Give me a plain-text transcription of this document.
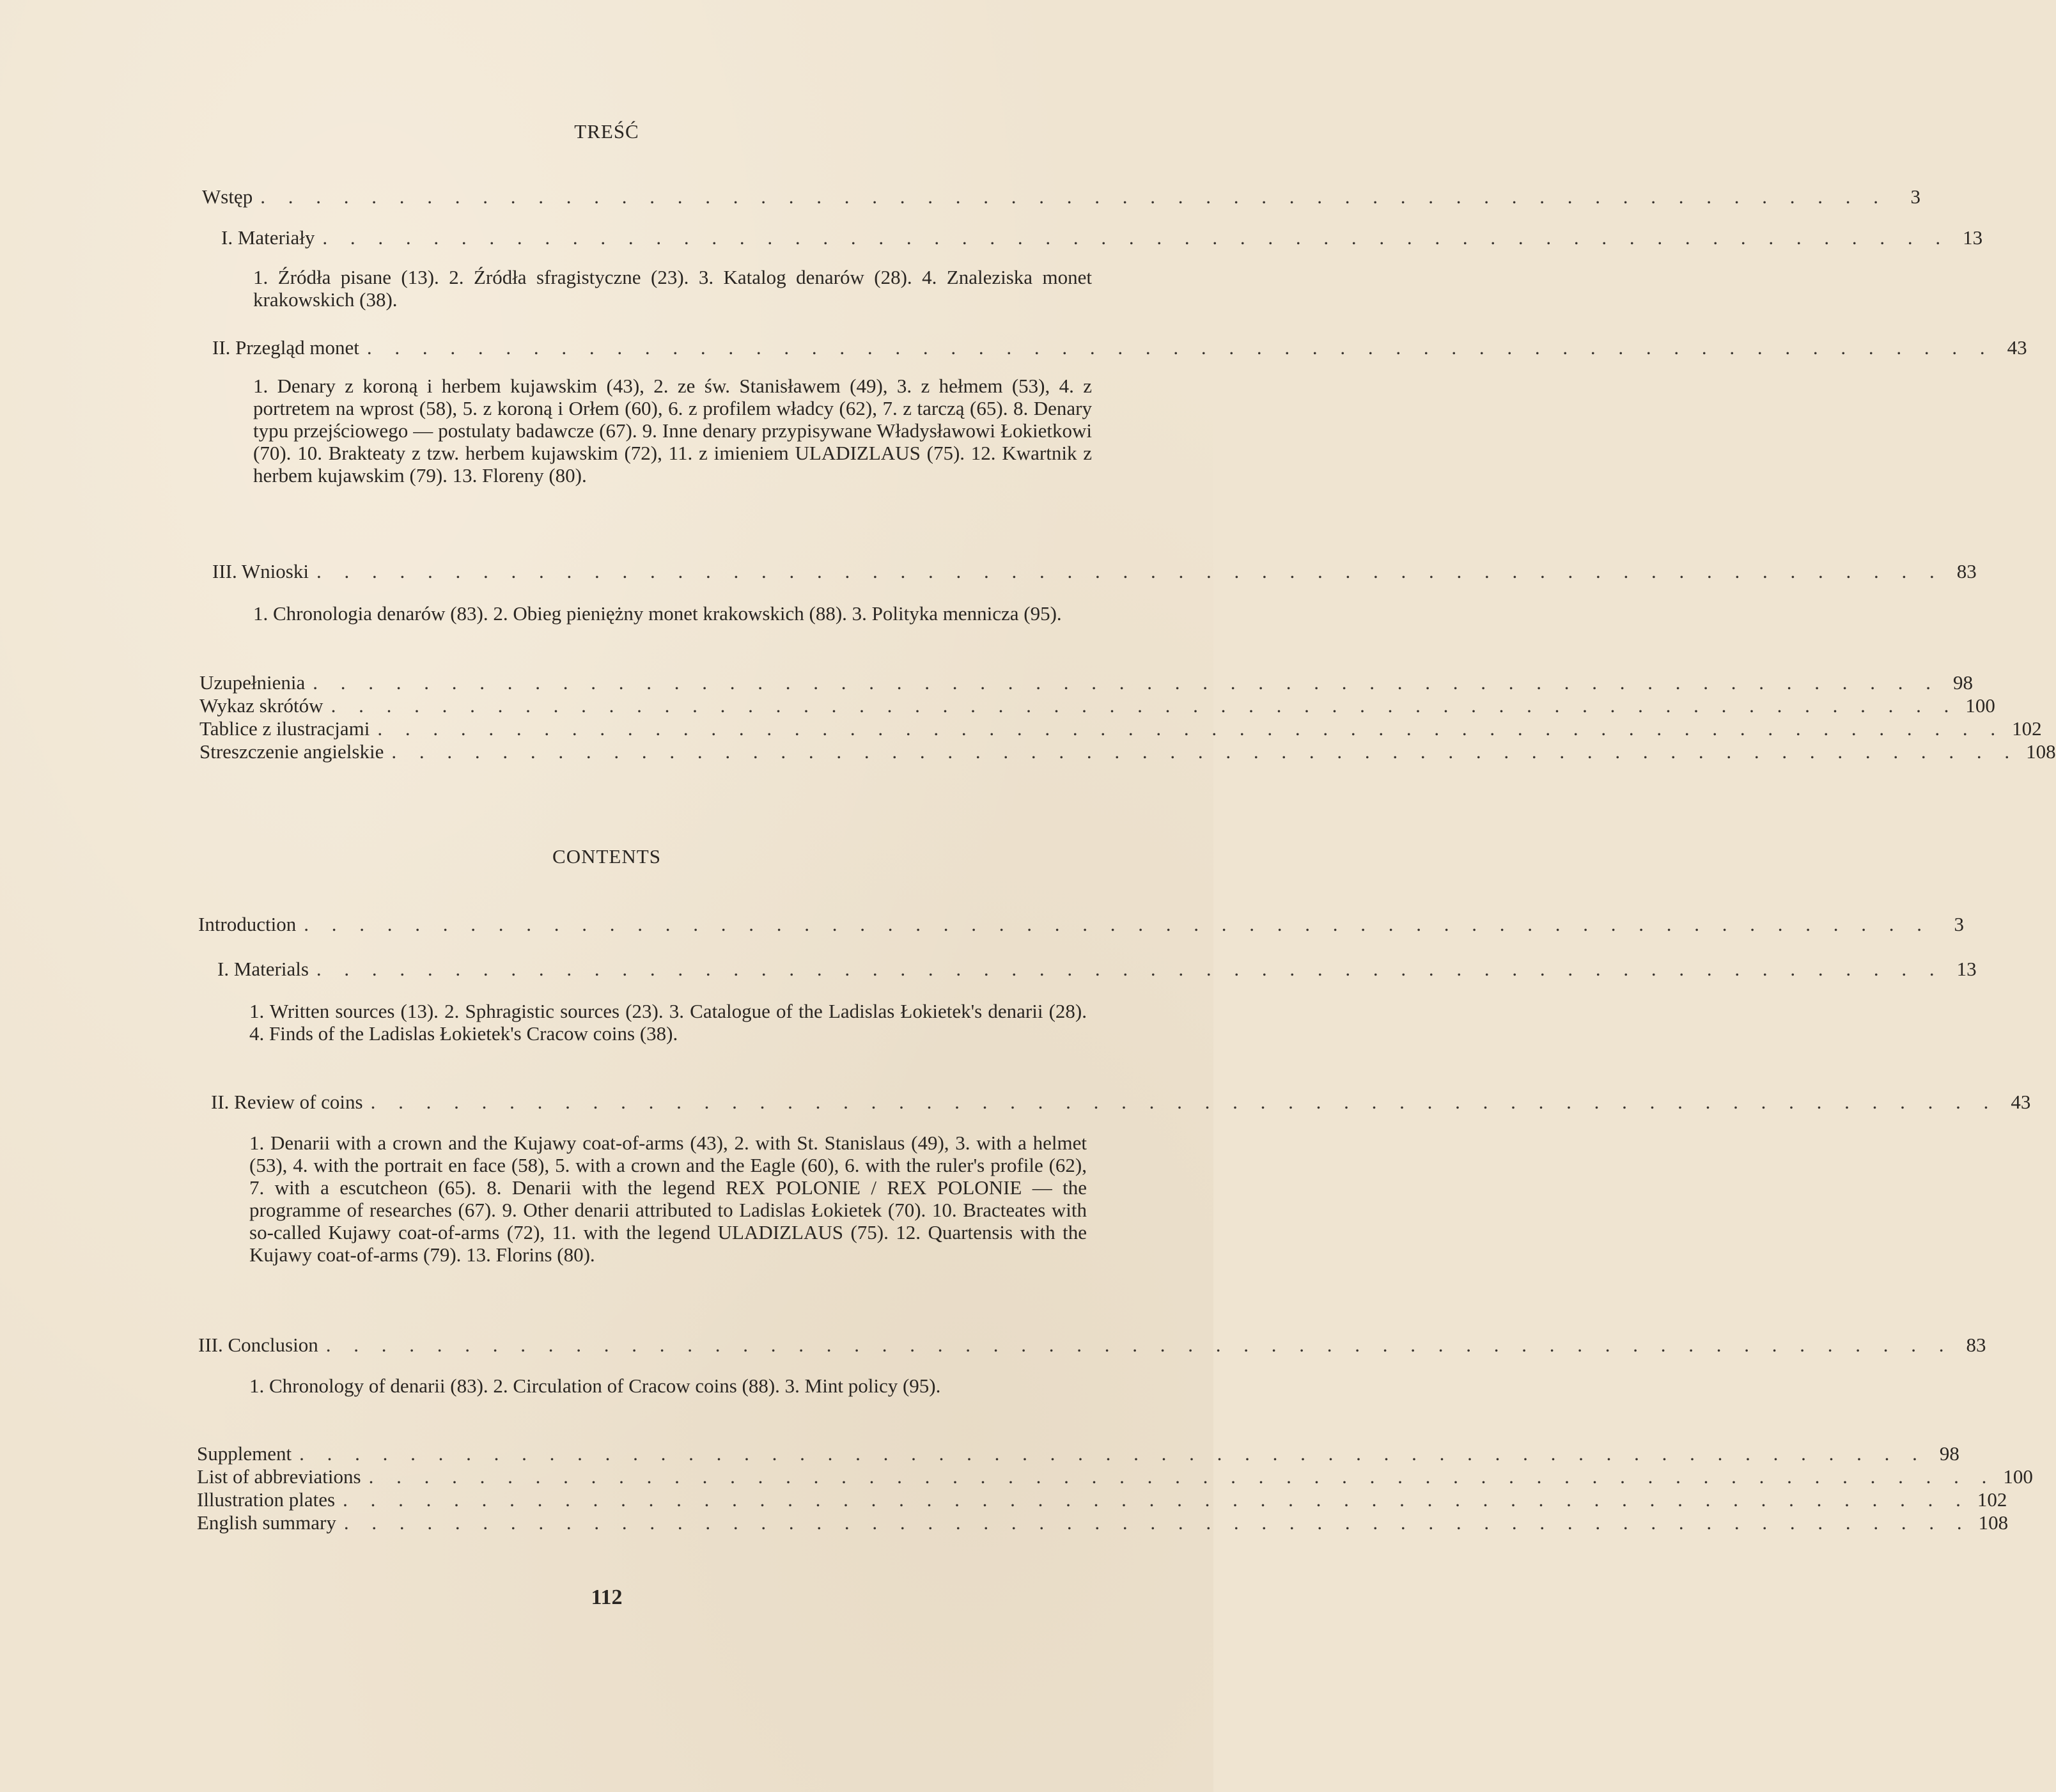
TREŚĆ
Wstęp . . . . . . . . . . . . . . . . . . . . . . . . . . . . . . . . . . . . . . . . . . . . . . . . . . . . . . . . . . .	3
I. Materiały . . . . . . . . . . . . . . . . . . . . . . . . . . . . . . . . . . . . . . . . . . . . . . . . . . . . . . . . . . . 13

1. Źródła pisane (13). 2. Źródła sfragistyczne (23). 3. Katalog denarów (28). 4. Znaleziska monet krakowskich (38).

II. Przegląd monet . . . . . . . . . . . . . . . . . . . . . . . . . . . . . . . . . . . . . . . . . . . . . . . . . . . . . . . . . . . 43

1. Denary z koroną i herbem kujawskim (43), 2. ze św. Stanisławem (49), 3. z hełmem (53), 4. z portretem na wprost (58), 5. z koroną i Orłem (60), 6. z profilem władcy (62), 7. z tarczą (65). 8. Denary typu przejściowego — postulaty badawcze (67). 9. Inne denary przypisywane Władysławowi Łokietkowi (70). 10. Brakteaty z tzw. herbem kujawskim (72), 11. z imieniem ULADIZLAUS (75). 12. Kwartnik z herbem kujawskim (79). 13. Floreny (80).

III. Wnioski . . . . . . . . . . . . . . . . . . . . . . . . . . . . . . . . . . . . . . . . . . . . . . . . . . . . . . . . . . . 83

1. Chronologia denarów (83). 2. Obieg pieniężny monet krakowskich (88). 3. Polityka mennicza (95).

Uzupełnienia . . . . . . . . . . . . . . . . . . . . . . . . . . . . . . . . . . . . . . . . . . . . . . . . . . . . . . . . . . . 98
Wykaz skrótów . . . . . . . . . . . . . . . . . . . . . . . . . . . . . . . . . . . . . . . . . . . . . . . . . . . . . . . . . . . 100
Tablice z ilustracjami . . . . . . . . . . . . . . . . . . . . . . . . . . . . . . . . . . . . . . . . . . . . . . . . . . . . . . . . . . . 102
Streszczenie angielskie . . . . . . . . . . . . . . . . . . . . . . . . . . . . . . . . . . . . . . . . . . . . . . . . . . . . . . . . . . . 108
CONTENTS
Introduction . . . . . . . . . . . . . . . . . . . . . . . . . . . . . . . . . . . . . . . . . . . . . . . . . . . . . . . . . . .	3
I. Materials . . . . . . . . . . . . . . . . . . . . . . . . . . . . . . . . . . . . . . . . . . . . . . . . . . . . . . . . . . . 13

1. Written sources (13). 2. Sphragistic sources (23). 3. Catalogue of the Ladislas Łokietek's denarii (28). 4. Finds of the Ladislas Łokietek's Cracow coins (38).

II. Review of coins . . . . . . . . . . . . . . . . . . . . . . . . . . . . . . . . . . . . . . . . . . . . . . . . . . . . . . . . . . . 43

1. Denarii with a crown and the Kujawy coat-of-arms (43), 2. with St. Stanislaus (49), 3. with a helmet (53), 4. with the portrait en face (58), 5. with a crown and the Eagle (60), 6. with the ruler's profile (62), 7. with a escutcheon (65). 8. Denarii with the legend REX POLONIE / REX POLONIE — the programme of researches (67). 9. Other denarii attributed to Ladislas Łokietek (70). 10. Bracteates with so-called Kujawy coat-of-arms (72), 11. with the legend ULADIZLAUS (75). 12. Quartensis with the Kujawy coat-of-arms (79). 13. Florins (80).

III. Conclusion . . . . . . . . . . . . . . . . . . . . . . . . . . . . . . . . . . . . . . . . . . . . . . . . . . . . . . . . . . . 83

1. Chronology of denarii (83). 2. Circulation of Cracow coins (88). 3. Mint policy (95).

Supplement . . . . . . . . . . . . . . . . . . . . . . . . . . . . . . . . . . . . . . . . . . . . . . . . . . . . . . . . . . . 98
List of abbreviations . . . . . . . . . . . . . . . . . . . . . . . . . . . . . . . . . . . . . . . . . . . . . . . . . . . . . . . . . . . 100
Illustration plates . . . . . . . . . . . . . . . . . . . . . . . . . . . . . . . . . . . . . . . . . . . . . . . . . . . . . . . . . . . 102
English summary . . . . . . . . . . . . . . . . . . . . . . . . . . . . . . . . . . . . . . . . . . . . . . . . . . . . . . . . . . . 108
112
